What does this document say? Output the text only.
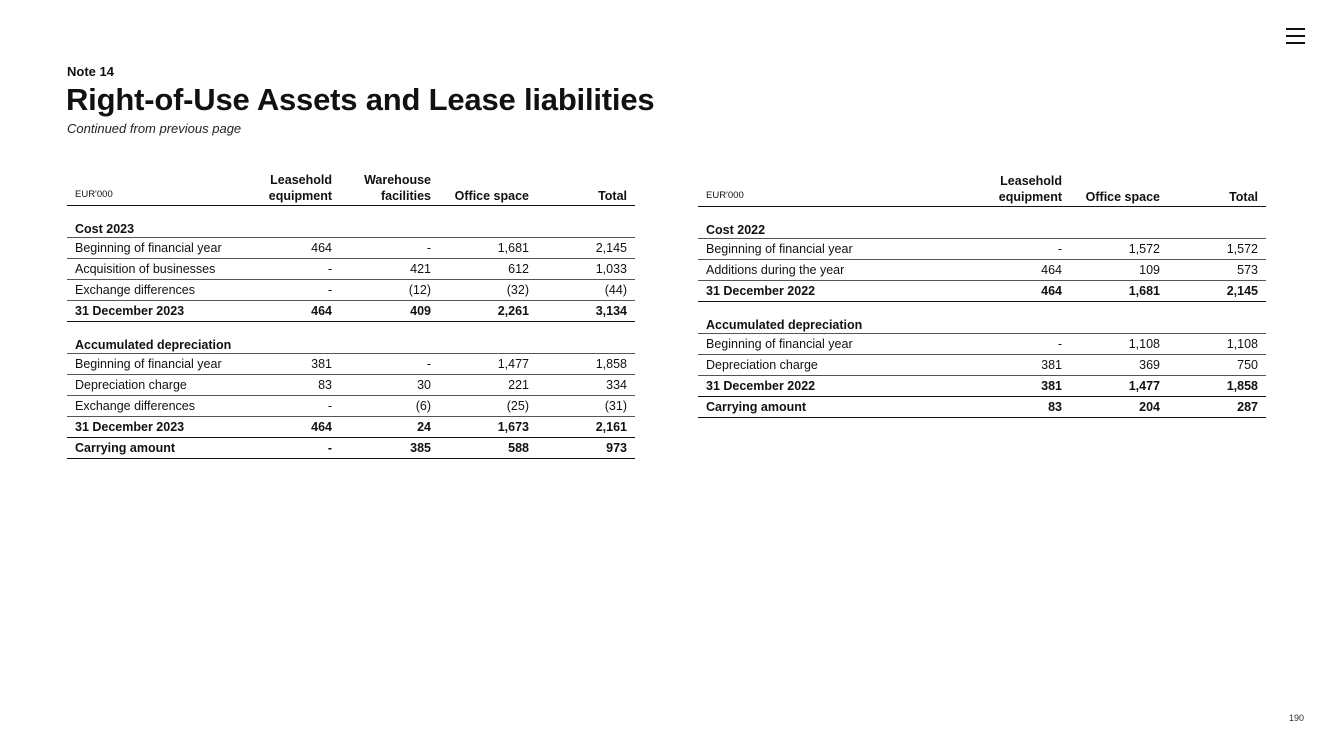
Note 14
Right-of-Use Assets and Lease liabilities
Continued from previous page
EUR'000	Leasehold equipment	Warehouse facilities	Office space	Total
Cost 2023				
Beginning of financial year	464	-	1,681	2,145
Acquisition of businesses	-	421	612	1,033
Exchange differences	-	(12)	(32)	(44)
31 December 2023	464	409	2,261	3,134
Accumulated depreciation				
Beginning of financial year	381	-	1,477	1,858
Depreciation charge	83	30	221	334
Exchange differences	-	(6)	(25)	(31)
31 December 2023	464	24	1,673	2,161
Carrying amount	-	385	588	973
EUR'000	Leasehold equipment	Office space	Total
Cost 2022			
Beginning of financial year	-	1,572	1,572
Additions during the year	464	109	573
31 December 2022	464	1,681	2,145
Accumulated depreciation			
Beginning of financial year	-	1,108	1,108
Depreciation charge	381	369	750
31 December 2022	381	1,477	1,858
Carrying amount	83	204	287
190
